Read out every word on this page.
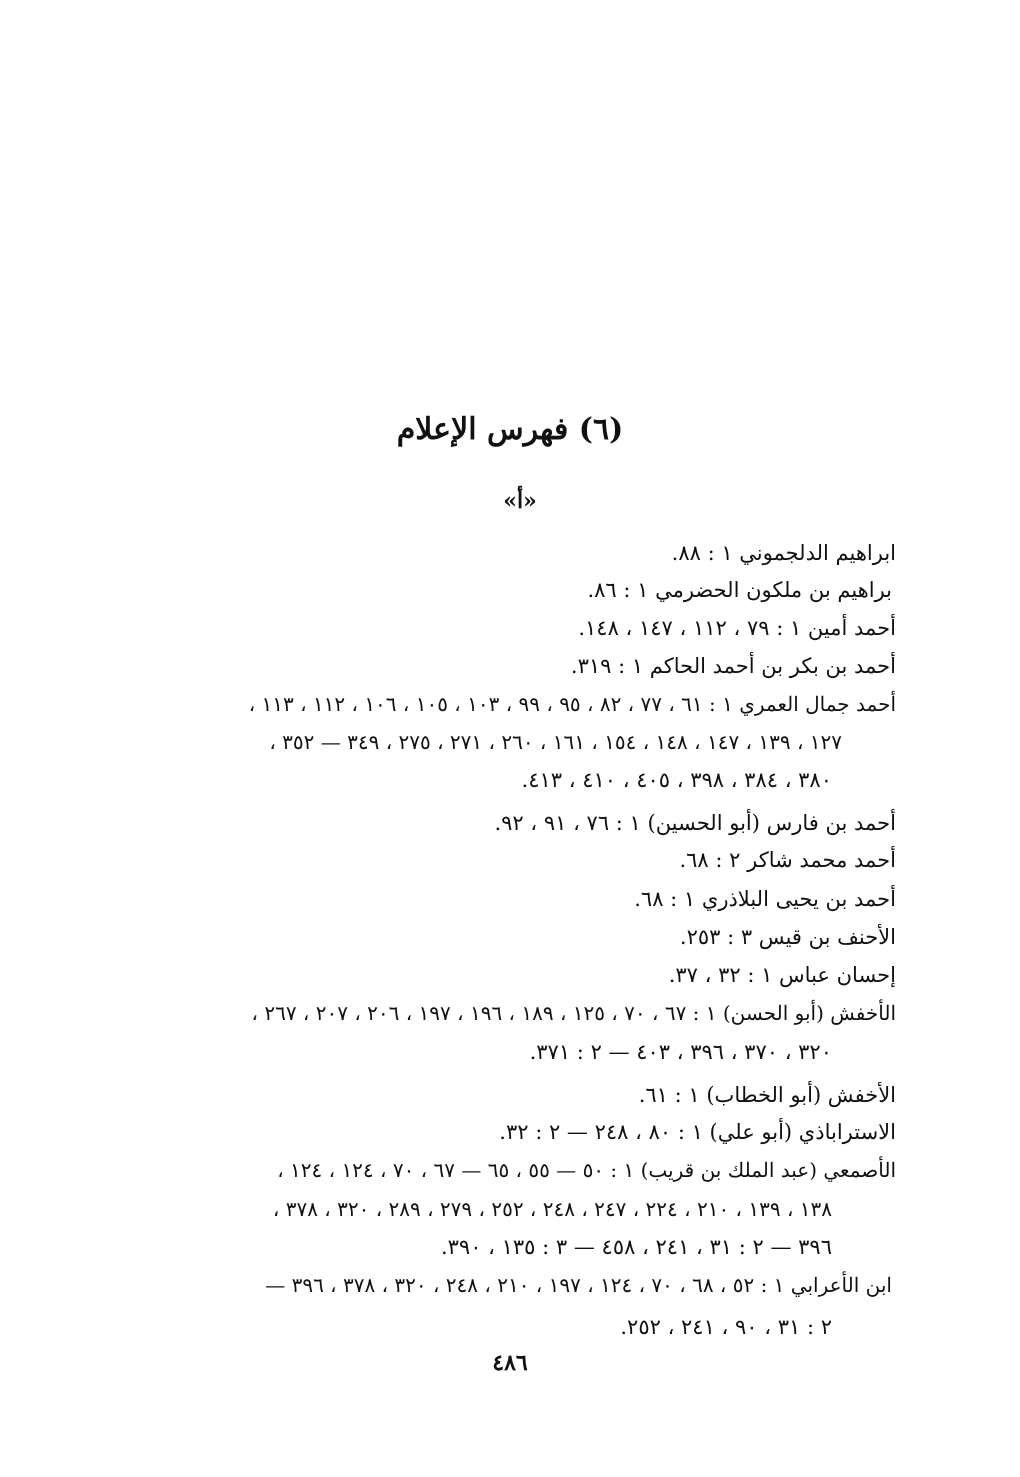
(٦) فهرس الإعلام
«أ»
ابراهيم الدلجموني ١ : ٨٨.
براهيم بن ملكون الحضرمي ١ : ٨٦.
أحمد أمين ١ : ٧٩ ، ١١٢ ، ١٤٧ ، ١٤٨.
أحمد بن بكر بن أحمد الحاكم ١ : ٣١٩.
أحمد جمال العمري ١ : ٦١ ، ٧٧ ، ٨٢ ، ٩٥ ، ٩٩ ، ١٠٣ ، ١٠٥ ، ١٠٦ ، ١١٢ ، ١١٣ ،
١٢٧ ، ١٣٩ ، ١٤٧ ، ١٤٨ ، ١٥٤ ، ١٦١ ، ٢٦٠ ، ٢٧١ ، ٢٧٥ ، ٣٤٩ — ٣٥٢ ،
٣٨٠ ، ٣٨٤ ، ٣٩٨ ، ٤٠٥ ، ٤١٠ ، ٤١٣.
أحمد بن فارس (أبو الحسين) ١ : ٧٦ ، ٩١ ، ٩٢.
أحمد محمد شاكر ٢ : ٦٨.
أحمد بن يحيى البلاذري ١ : ٦٨.
الأحنف بن قيس ٣ : ٢٥٣.
إحسان عباس ١ : ٣٢ ، ٣٧.
الأخفش (أبو الحسن) ١ : ٦٧ ، ٧٠ ، ١٢٥ ، ١٨٩ ، ١٩٦ ، ١٩٧ ، ٢٠٦ ، ٢٠٧ ، ٢٦٧ ،
٣٢٠ ، ٣٧٠ ، ٣٩٦ ، ٤٠٣ — ٢ : ٣٧١.
الأخفش (أبو الخطاب) ١ : ٦١.
الاستراباذي (أبو علي) ١ : ٨٠ ، ٢٤٨ — ٢ : ٣٢.
الأصمعي (عبد الملك بن قريب) ١ : ٥٠ — ٥٥ ، ٦٥ — ٦٧ ، ٧٠ ، ١٢٤ ، ١٢٤ ،
١٣٨ ، ١٣٩ ، ٢١٠ ، ٢٢٤ ، ٢٤٧ ، ٢٤٨ ، ٢٥٢ ، ٢٧٩ ، ٢٨٩ ، ٣٢٠ ، ٣٧٨ ،
٣٩٦ — ٢ : ٣١ ، ٢٤١ ، ٤٥٨ — ٣ : ١٣٥ ، ٣٩٠.
ابن الأعرابي ١ : ٥٢ ، ٦٨ ، ٧٠ ، ١٢٤ ، ١٩٧ ، ٢١٠ ، ٢٤٨ ، ٣٢٠ ، ٣٧٨ ، ٣٩٦ —
٢ : ٣١ ، ٩٠ ، ٢٤١ ، ٢٥٢.
٤٨٦
